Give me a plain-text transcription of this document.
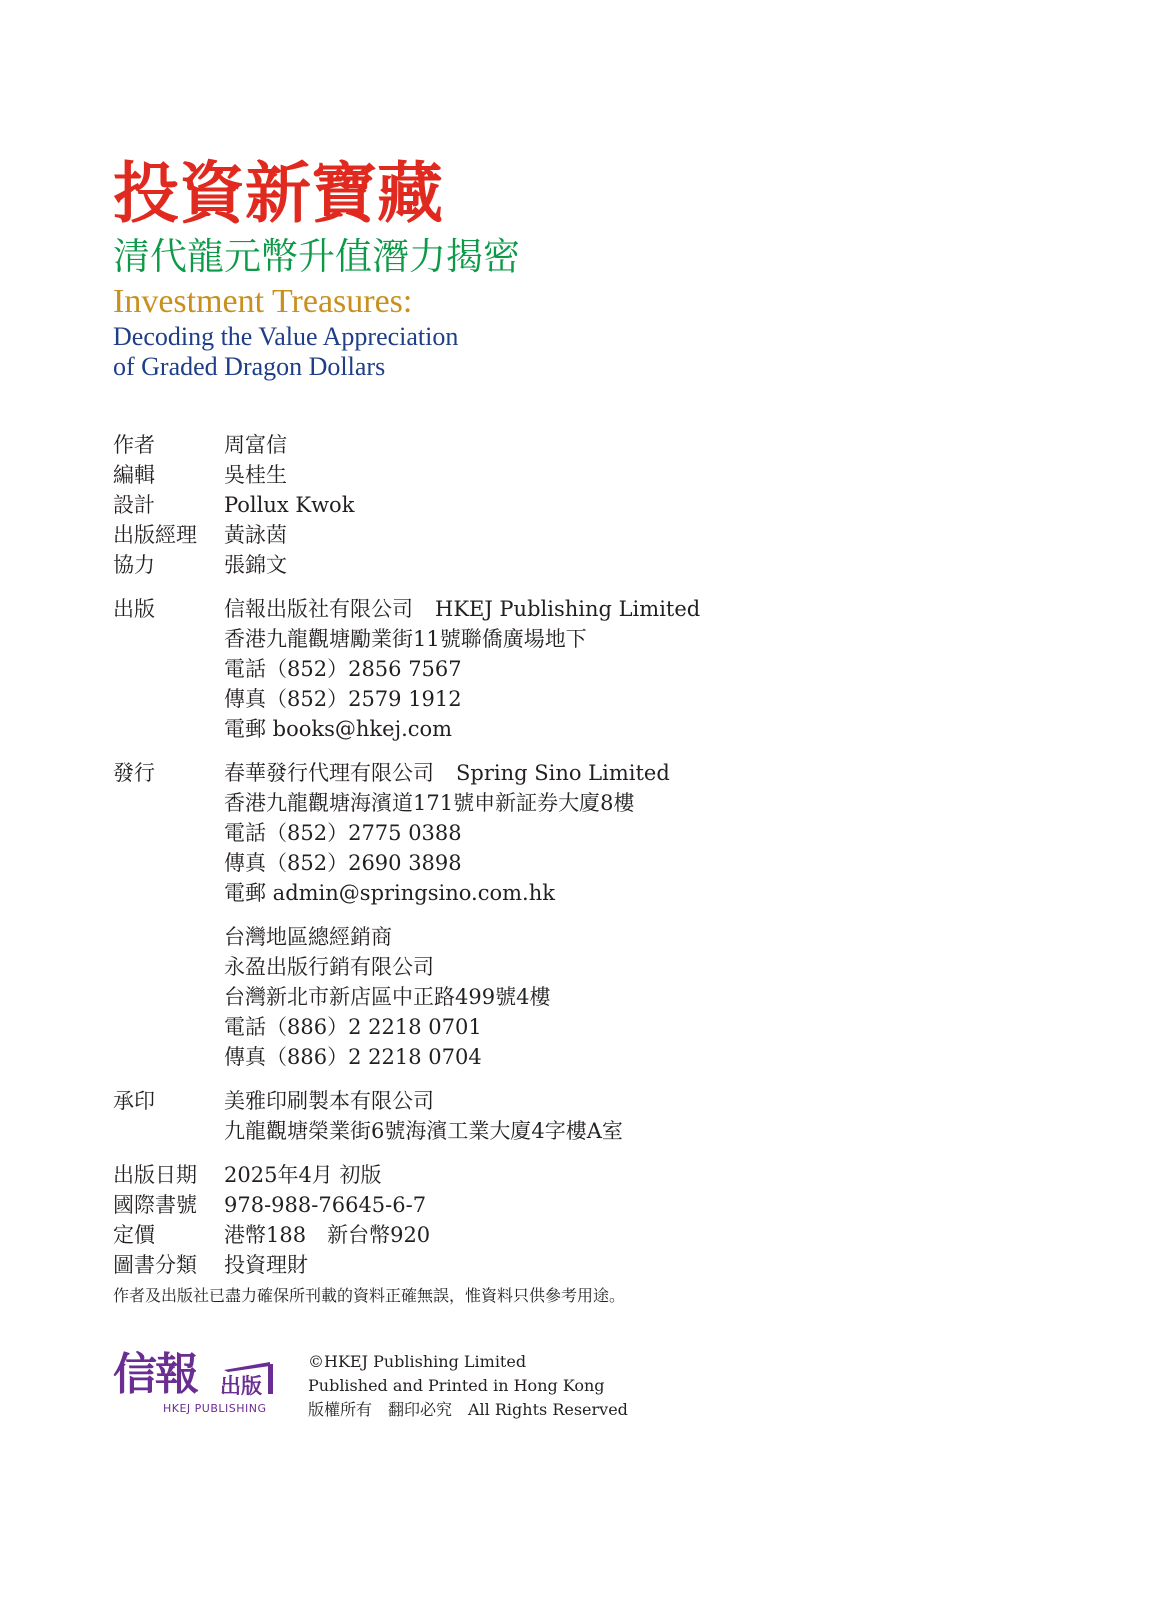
投資新寶藏
清代龍元幣升值潛力揭密
Investment Treasures:
Decoding the Value Appreciation
of Graded Dragon Dollars
作者	周富信
編輯	吳桂生
設計	Pollux Kwok
出版經理	黃詠茵
協力	張錦文
出版	信報出版社有限公司 HKEJ Publishing Limited
香港九龍觀塘勵業街11號聯僑廣場地下
電話（852）2856 7567
傳真（852）2579 1912
電郵 books@hkej.com
發行	春華發行代理有限公司 Spring Sino Limited
香港九龍觀塘海濱道171號申新証券大廈8樓
電話（852）2775 0388
傳真（852）2690 3898
電郵 admin@springsino.com.hk
台灣地區總經銷商
永盈出版行銷有限公司
台灣新北市新店區中正路499號4樓
電話（886）2 2218 0701
傳真（886）2 2218 0704
承印	美雅印刷製本有限公司
九龍觀塘榮業街6號海濱工業大廈4字樓A室
出版日期	2025年4月 初版
國際書號	978-988-76645-6-7
定價	港幣188　新台幣920
圖書分類	投資理財
作者及出版社已盡力確保所刊載的資料正確無誤，惟資料只供參考用途。
信報 出版
HKEJ PUBLISHING
©HKEJ Publishing Limited
Published and Printed in Hong Kong
版權所有　翻印必究　All Rights Reserved
